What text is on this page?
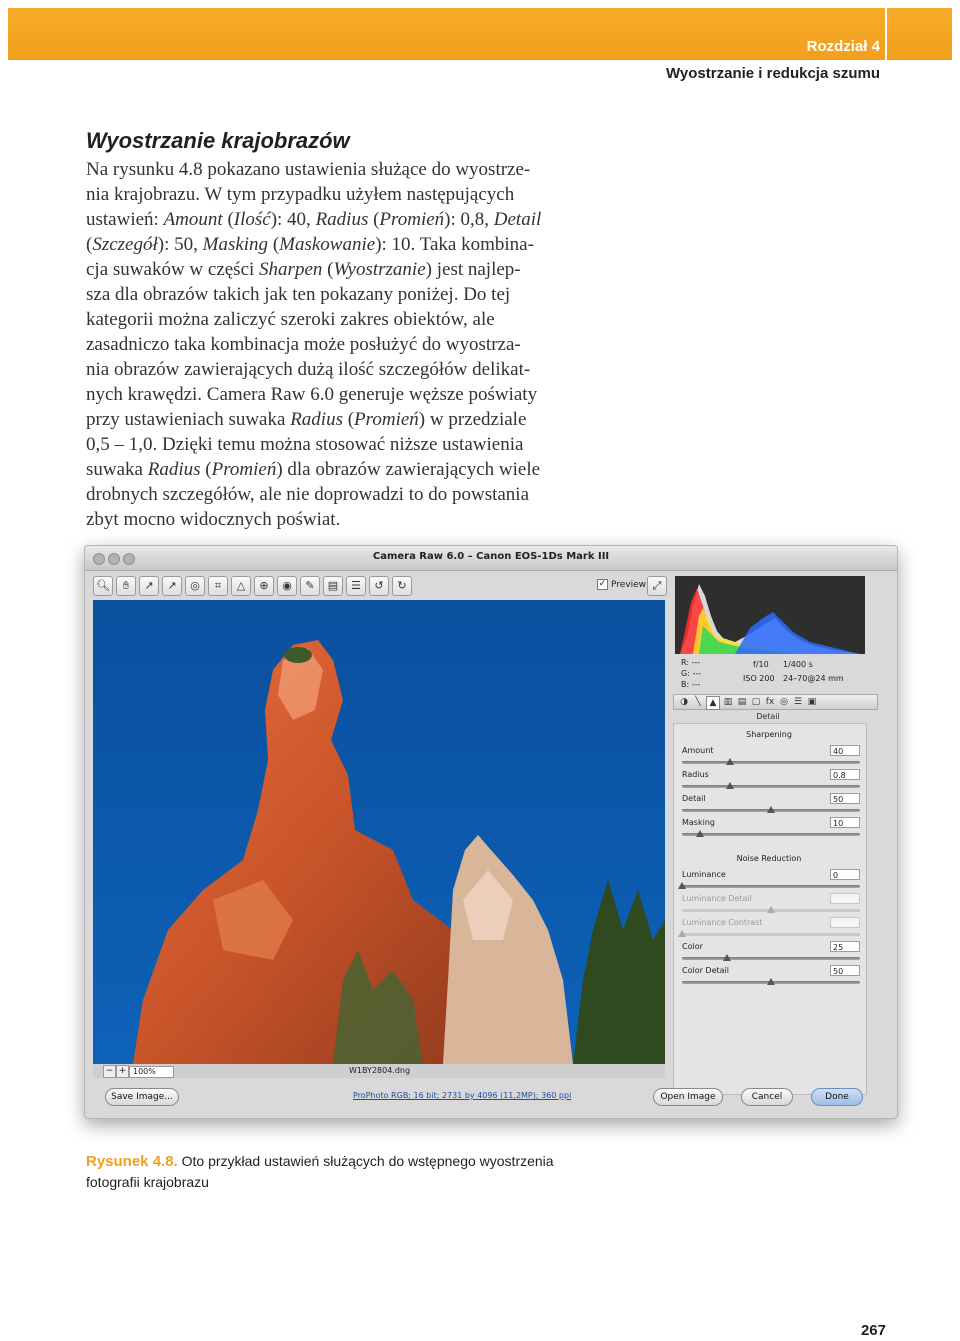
Rozdział 4
Wyostrzanie i redukcja szumu
Wyostrzanie krajobrazów

Na rysunku 4.8 pokazano ustawienia służące do wyostrze-

nia krajobrazu. W tym przypadku użyłem następujących

ustawień: Amount (Ilość): 40, Radius (Promień): 0,8, Detail

(Szczegół): 50, Masking (Maskowanie): 10. Taka kombina-

cja suwaków w części Sharpen (Wyostrzanie) jest najlep-

sza dla obrazów takich jak ten pokazany poniżej. Do tej

kategorii można zaliczyć szeroki zakres obiektów, ale

zasadniczo taka kombinacja może posłużyć do wyostrza-

nia obrazów zawierających dużą ilość szczegółów delikat-

nych krawędzi. Camera Raw 6.0 generuje węższe poświaty

przy ustawieniach suwaka Radius (Promień) w przedziale

0,5 – 1,0. Dzięki temu można stosować niższe ustawienia

suwaka Radius (Promień) dla obrazów zawierających wiele

drobnych szczegółów, ale nie doprowadzi to do powstania

zbyt mocno widocznych poświat.

Camera Raw 6.0 – Canon EOS-1Ds Mark III
🔍︎	✋︎	↗	↗	◎	⌗	△	⊕	◉	✎	▤	☰	↺	↻	✓ Preview ⤢
− + 100%	W1BY2804.dng
R: ---
G: ---
B: ---
f/10 1/400 s
ISO 200 24–70@24 mm
◑ ╲ ▲ ▥ ▤ ▢ fx ◎ ☰ ▣
Detail
Sharpening
Amount	40
Radius	0.8
Detail	50
Masking	10
Noise Reduction
Luminance	0
Luminance Detail
Luminance Contrast
Color	25
Color Detail	50
Save Image...	ProPhoto RGB; 16 bit; 2731 by 4096 (11,2MP); 360 ppi	Open Image	Cancel	Done
Rysunek 4.8. Oto przykład ustawień służących do wstępnego wyostrzenia fotografii krajobrazu
267
